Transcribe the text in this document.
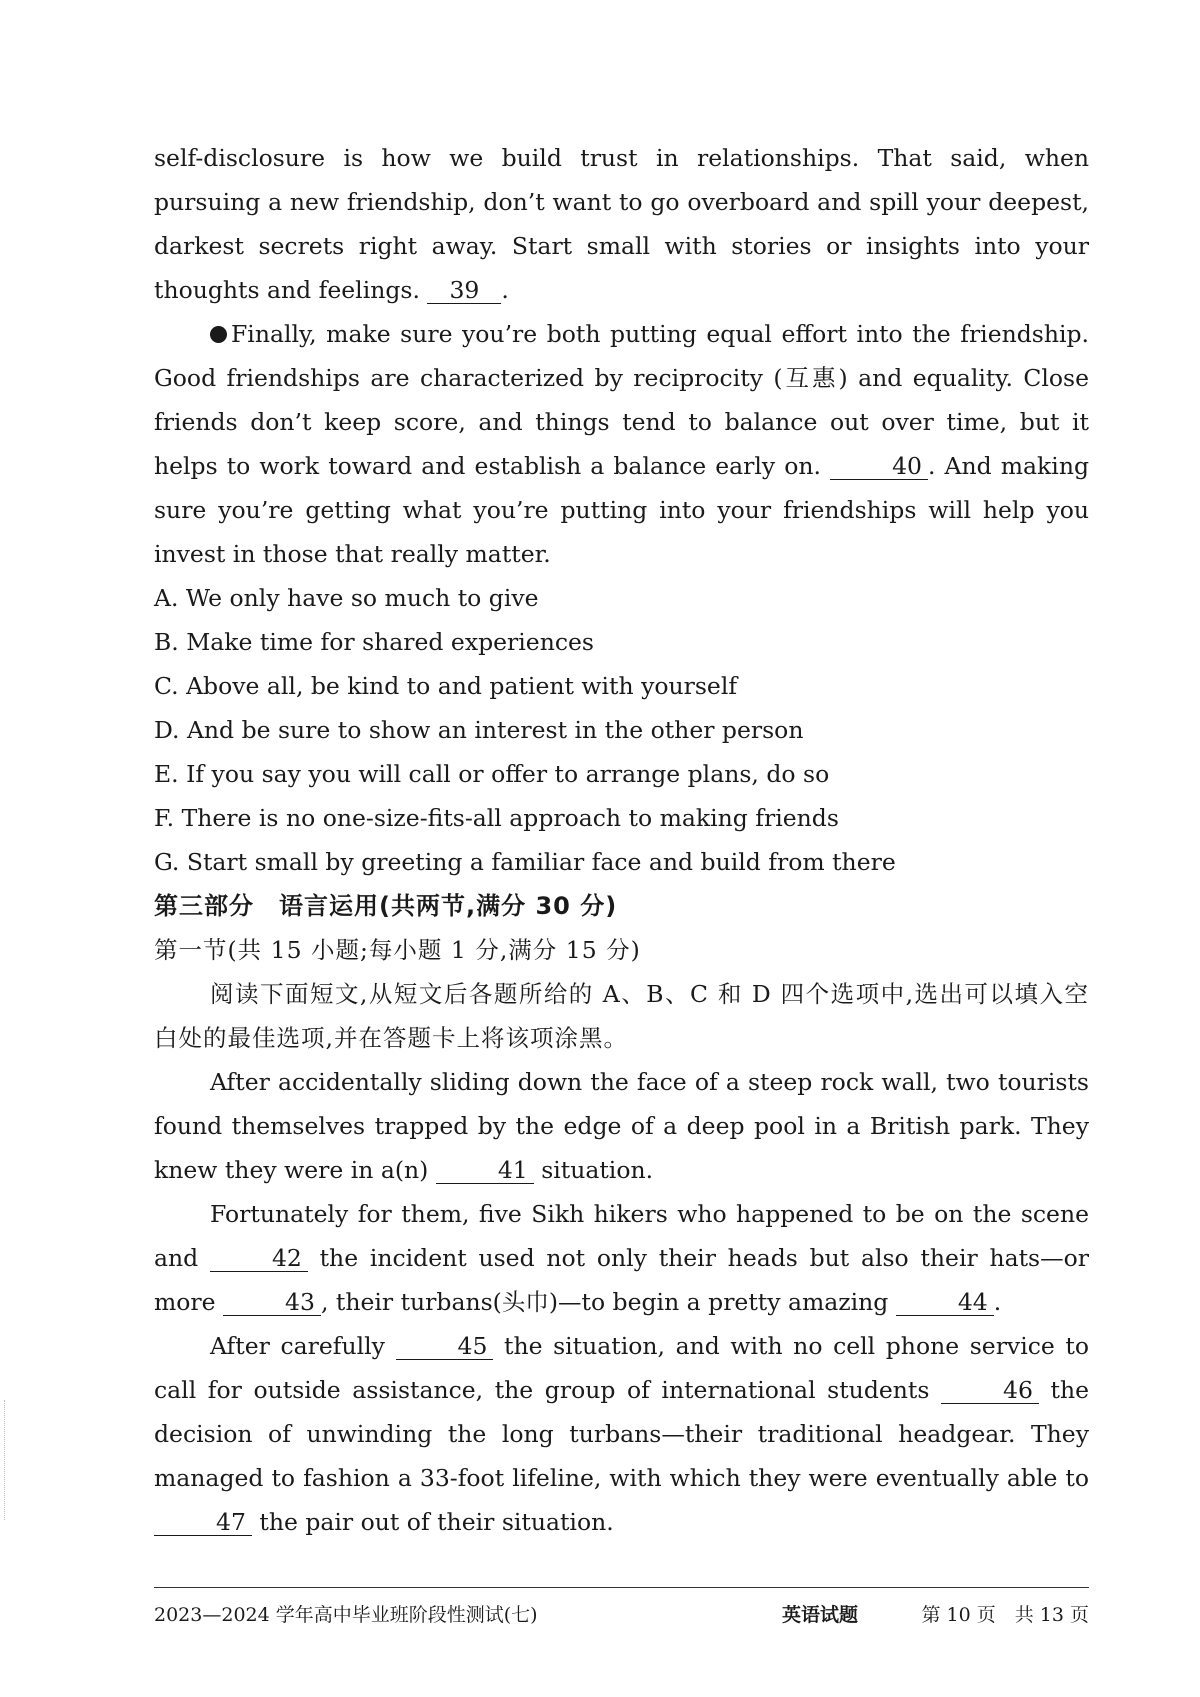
self-disclosure is how we build trust in relationships. That said, when pursuing a new friendship, don’t want to go overboard and spill your deepest, darkest secrets right away. Start small with stories or insights into your thoughts and feelings. 39 .

Finally, make sure you’re both putting equal effort into the friendship. Good friendships are characterized by reciprocity (互惠) and equality. Close friends don’t keep score, and things tend to balance out over time, but it helps to work toward and establish a balance early on.	40 . And making sure you’re getting what you’re putting into your friendships will help you invest in those that really matter.

A. We only have so much to give

B. Make time for shared experiences

C. Above all, be kind to and patient with yourself

D. And be sure to show an interest in the other person

E. If you say you will call or offer to arrange plans, do so

F. There is no one-size-fits-all approach to making friends

G. Start small by greeting a familiar face and build from there

第三部分　语言运用(共两节,满分 30 分)

第一节(共 15 小题;每小题 1 分,满分 15 分)

阅读下面短文,从短文后各题所给的 A、B、C 和 D 四个选项中,选出可以填入空白处的最佳选项,并在答题卡上将该项涂黑。

After accidentally sliding down the face of a steep rock wall, two tourists found themselves trapped by the edge of a deep pool in a British park. They knew they were in a(n)	41 situation.

Fortunately for them, five Sikh hikers who happened to be on the scene and	42 the incident used not only their heads but also their hats—or more	43 , their turbans(头巾)—to begin a pretty amazing	44 .

After carefully	45 the situation, and with no cell phone service to call for outside assistance, the group of international students	46 the decision of unwinding the long turbans—their traditional headgear. They managed to fashion a 33-foot lifeline, with which they were eventually able to 47 the pair out of their situation.

2023—2024 学年高中毕业班阶段性测试(七)	英语试题	第 10 页　共 13 页
